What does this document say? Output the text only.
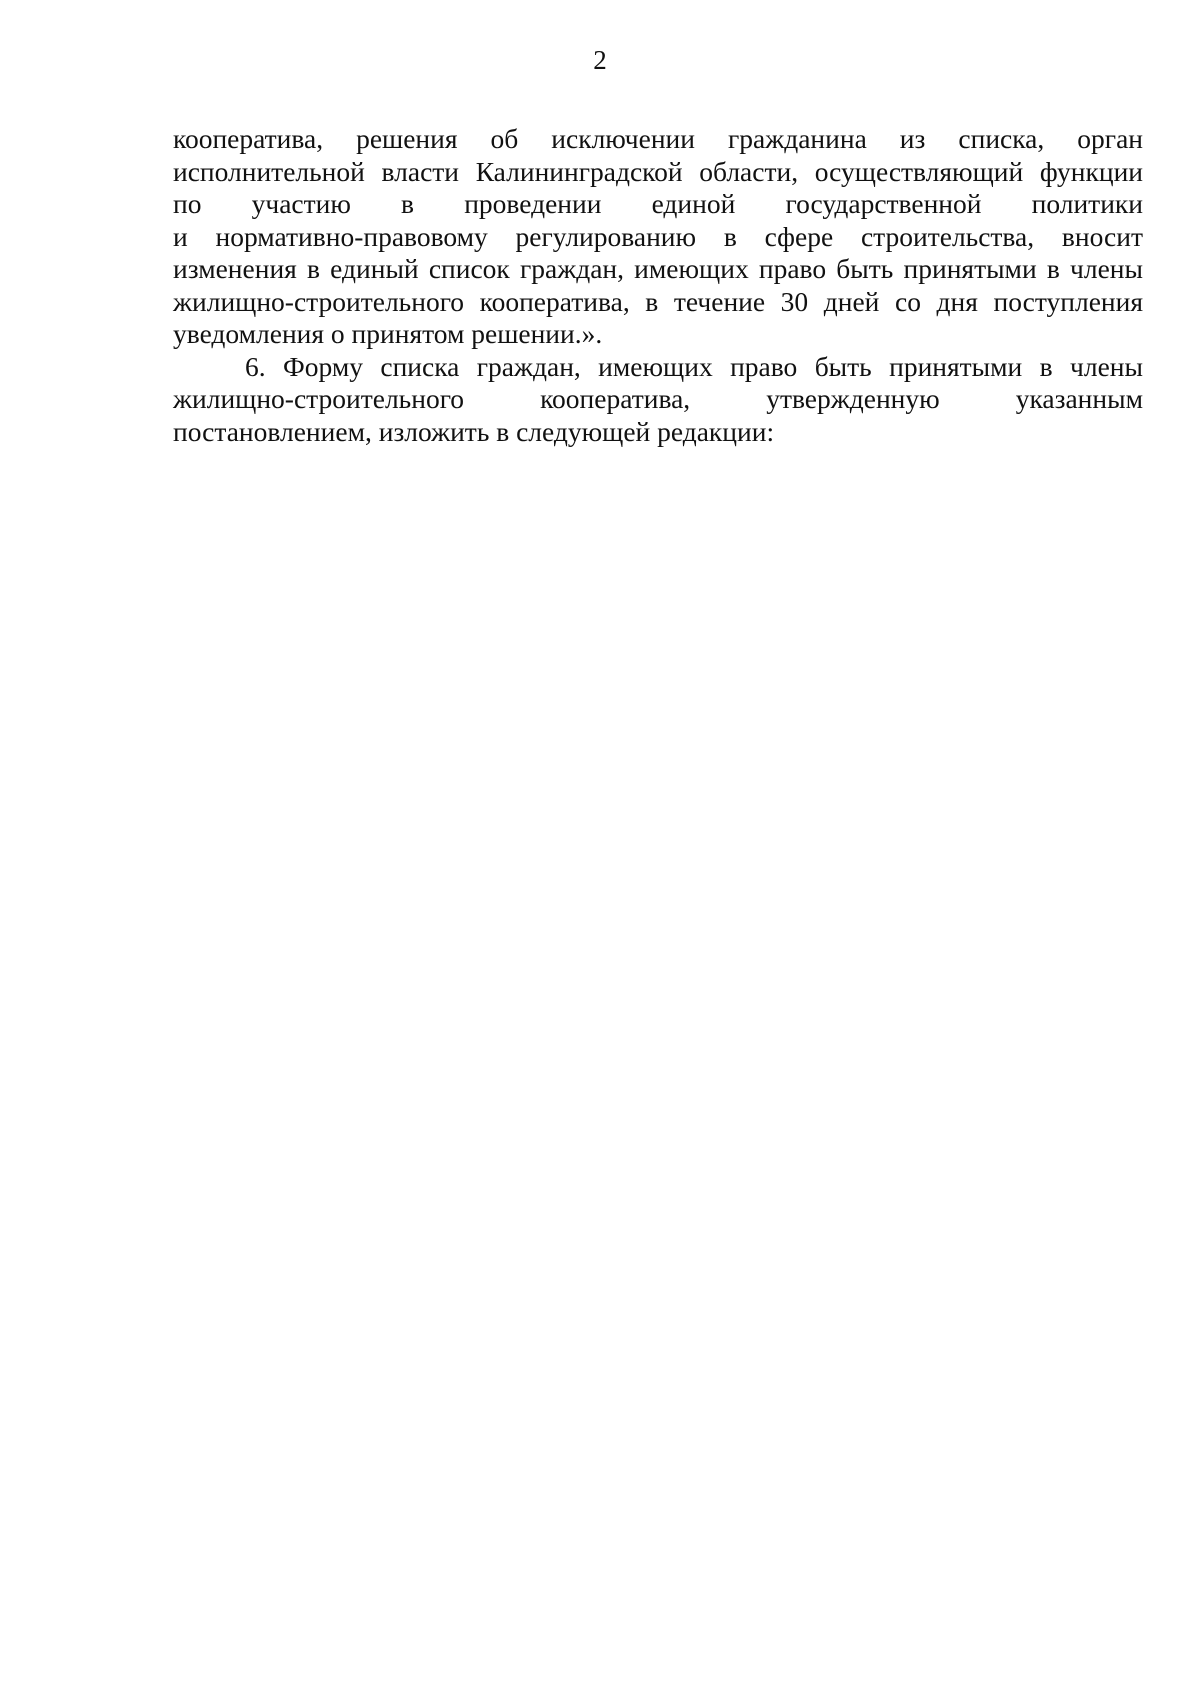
2

кооператива, решения об исключении гражданина из списка, орган
исполнительной власти Калининградской области, осуществляющий функции
по участию в проведении единой государственной политики
и нормативно-правовому регулированию в сфере строительства, вносит
изменения в единый список граждан, имеющих право быть принятыми в члены
жилищно-строительного кооператива, в течение 30 дней со дня поступления
уведомления о принятом решении.».

6. Форму списка граждан, имеющих право быть принятыми в члены
жилищно-строительного кооператива, утвержденную указанным
постановлением, изложить в следующей редакции:
